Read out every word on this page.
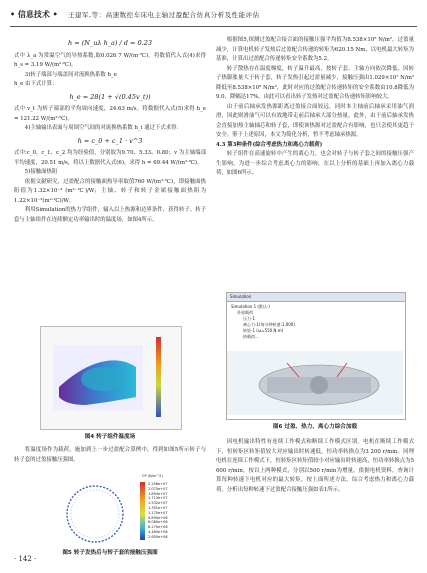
• 信息技术 • 王建军,等：高速数控车床电主轴过盈配合仿真分析及性能评估
h = (N_uλ h_a) / d = 0.23

式中 λ_a 为常温空气的导热系数,取0.026 7 W/(m·℃)。将数值代入式(4)求得 h_s = 3.19 W/(m²·℃)。

3)转子端部与端盖间对流换热系数 h_e

h_e 由下式计算：

h_e = 28(1 + √(0.45v_t))

式中 v_t 为转子端部的平均周向速度，24.63 m/s。将数据代入式(5)求得 h_e = 121.22 W/(m²·℃)。

4)主轴输出表面与周围空气间的对流换热系数 h_i 通过下式求得：

h = c_0 + c_1 · v^3

式中:c_0、c_1、c_2 均为经验值，分别取为9.70、5.33、0.80；v 为主轴端部平均速度，20.51 m/s，将以上数据代入式(6)，求得 h = 69.44 W/(m²·℃)。

5)接触面热阻

依据文献研究，过盈配合的接触面热导率取值760 W/(m²·℃)，即接触面热阻值为1.32×10⁻³ (m²·℃)/W；主轴、转子和转子金属接触面热阻为1.22×10⁻³(m²·℃)/W。

利用Simulation的热力学组件，输入以上热源和边界条件，获得转子、转子套与主轴组件在连续额定功率输出时的温度场，如图4所示。

图4 转子组件温度场

将温度场作为载荷，施加到上一步过盈配合算例中，得到如图5所示转子与转子套的过盈接触压强图。

CP (N/m^2)
2.256e+07
2.075e+07
1.894e+07
1.713e+07
1.532e+07
1.351e+07
1.170e+07
9.890e+06
8.080e+06
6.270e+06
4.460e+06
2.650e+06
图5 转子发热后与转子套的接触压强图

根据图5,探测过盈配合接合面的接触压强平均值为8.538×10⁶ N/m²，过盈量减少，计算电机转子发热后过盈配合传递的转矩为620.15 Nm，以电机最大转矩为基准，计算出过盈配合传递转矩安全系数为5.2。

转子散热存在温度梯度，转子温升最高，按转子套、主轴方向依次降低。因转子热膨胀量大于转子套，转子发热引起过盈量减少，接触压强由1.029×10⁷ N/m²降低至8.538×10⁶ N/m²，此时对应的过盈配合传递转矩的安全系数由10.8降低为9.0，降幅达17%，由此可以看出转子发热对过盈配合传递转矩影响较大。

由于前后轴承发热源距离过盈接合面较远，同时本主轴前后轴承采用油气润滑，因此则滑油气可以有效地带走前后轴承大部分热量。此外，由于前后轴承发热会直接加热主轴轴芯和转子套，即使该热源对过盈配合有影响，也只会使其更趋于安全。鉴于上述原因，本文为简化分析，暂不考虑轴承热源。

4.3 第3种条件(综合考虑热力和离心力载荷)

转子组件在高速旋转中产生的离心力，也会对转子与转子套之间的接触压强产生影响。为进一步综合考虑离心力的影响，在以上分析的基础上再加入离心力载荷，如图6所示。

Simulation
Simulation 1 (默认-)
外部载荷
压力-1
离心力-1(每分钟转速:1,000)
转矩-1 (ω=550 N·m)
热载荷...
图6 过盈、热力、离心力综合加载

因电机输出特性有连续工作模式和断续工作模式区别。电机在断续工作模式下，恒转矩区转矩值较大对应输出时转速低，恒功率转换点为3 200 r/min。同理电机在连续工作模式下，恒转矩区转矩值较小对应输出时转速高，恒功率转换点为5 600 r/min。按以上两种模式，分别以500 r/min为增量，依据电机资料，查询计算每种转速下电机对应的最大转矩，按上面所述方法，综合考虑热力和离心力载荷，分析出每种转速下过盈配合接触压强如表1所示。

· 142 ·
